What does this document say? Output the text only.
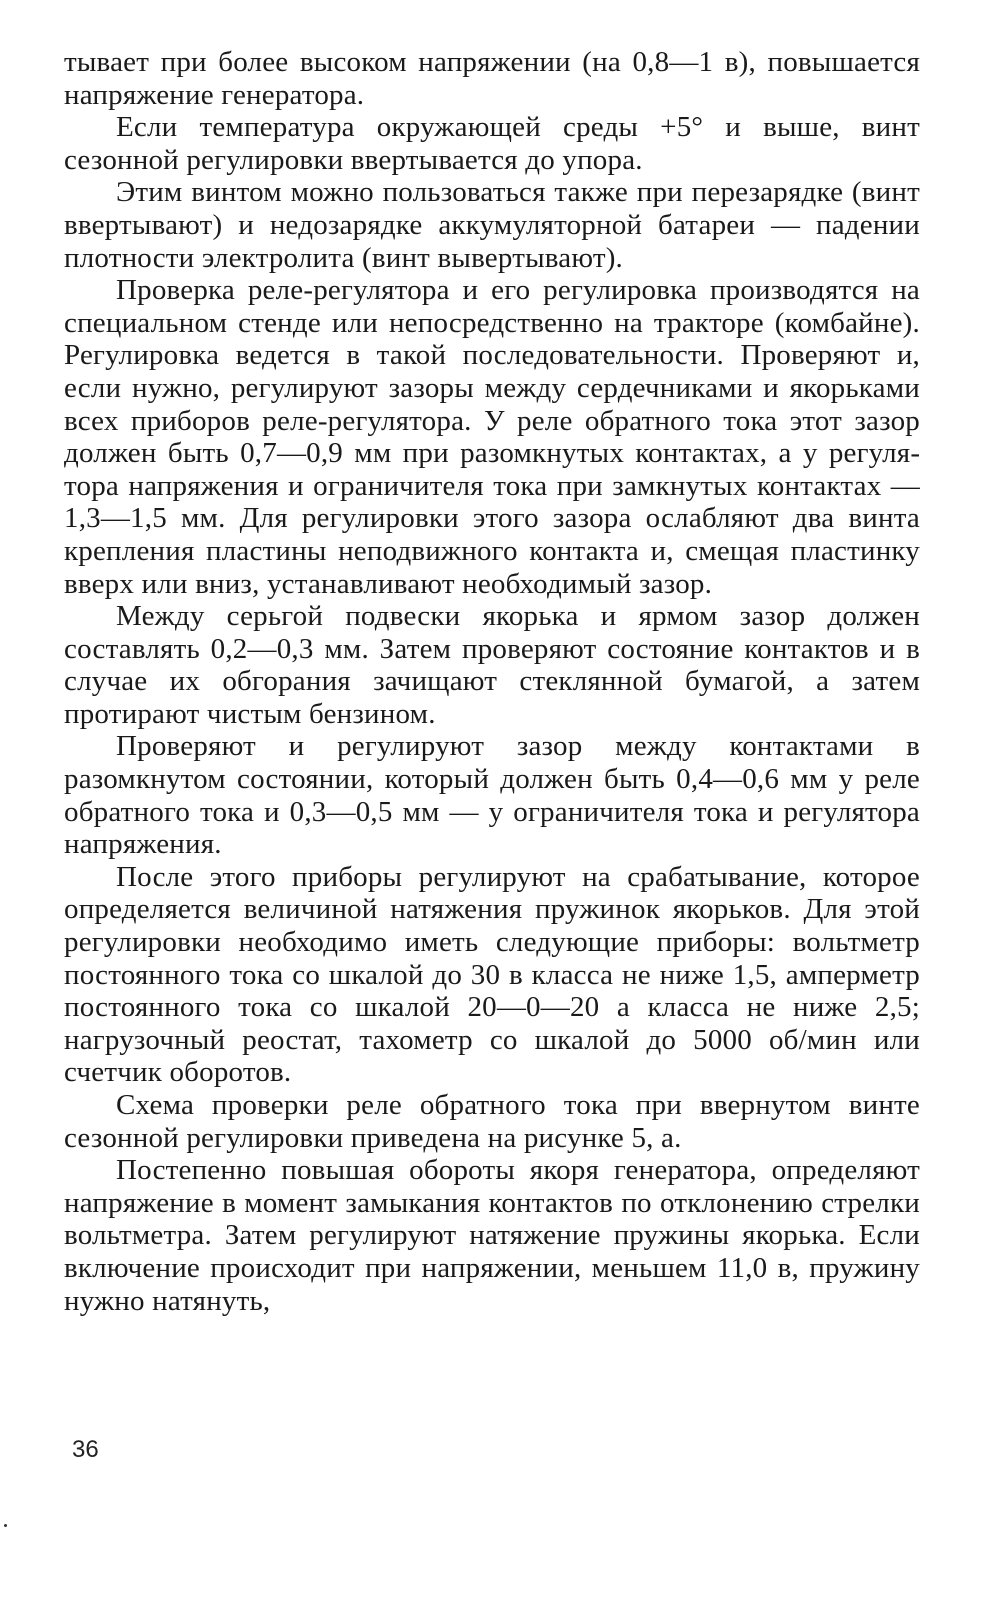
тывает при более высоком напряжении (на 0,8—1 в), повышается напряжение генератора.

Если температура окружающей среды +5° и выше, винт сезонной регулировки ввертывается до упора.

Этим винтом можно пользоваться также при перезарядке (винт ввертывают) и недозарядке аккумуляторной батареи — падении плотности электролита (винт вывертывают).

Проверка реле-регулятора и его регулировка производятся на специальном стенде или непосредственно на тракторе (комбайне). Регулировка ведется в такой последовательности. Проверяют и, если нужно, регулируют зазоры между сердечниками и якорьками всех приборов реле-регулятора. У реле обратного тока этот зазор должен быть 0,7—0,9 мм при разомкнутых контактах, а у регулятора напряжения и ограничителя тока при замкнутых контактах — 1,3—1,5 мм. Для регулировки этого зазора ослабляют два винта крепления пластины неподвижного контакта и, смещая пластинку вверх или вниз, устанавливают необходимый зазор.

Между серьгой подвески якорька и ярмом зазор должен составлять 0,2—0,3 мм. Затем проверяют состояние контактов и в случае их обгорания зачищают стеклянной бумагой, а затем протирают чистым бензином.

Проверяют и регулируют зазор между контактами в разомкнутом состоянии, который должен быть 0,4—0,6 мм у реле обратного тока и 0,3—0,5 мм — у ограничителя тока и регулятора напряжения.

После этого приборы регулируют на срабатывание, которое определяется величиной натяжения пружинок якорьков. Для этой регулировки необходимо иметь следующие приборы: вольтметр постоянного тока со шкалой до 30 в класса не ниже 1,5, амперметр постоянного тока со шкалой 20—0—20 а класса не ниже 2,5; нагрузочный реостат, тахометр со шкалой до 5000 об/мин или счетчик оборотов.

Схема проверки реле обратного тока при ввернутом винте сезонной регулировки приведена на рисунке 5, а.

Постепенно повышая обороты якоря генератора, определяют напряжение в момент замыкания контактов по отклонению стрелки вольтметра. Затем регулируют натяжение пружины якорька. Если включение происходит при напряжении, меньшем 11,0 в, пружину нужно натянуть,

36
